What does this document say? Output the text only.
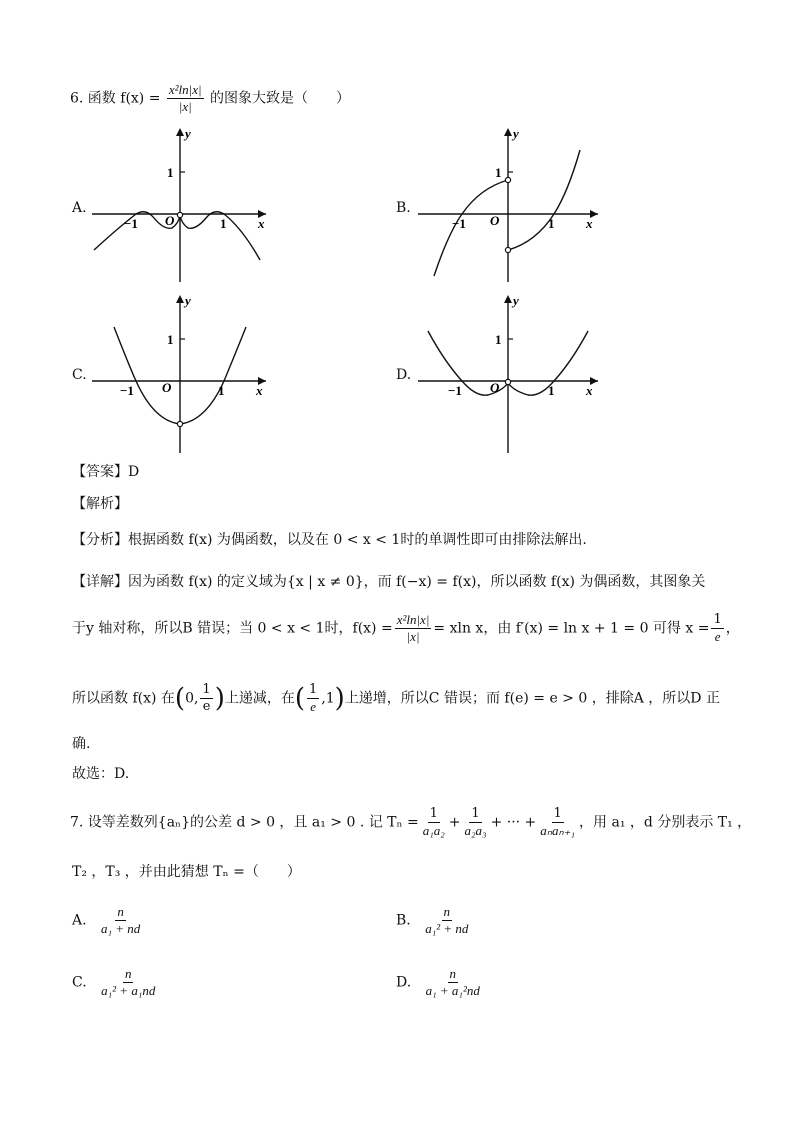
6. 函数 $f(x) = \frac{\text{x²ln|x|}}{|x|}$ 的图象大致是（　　）
A.
y
x
O
1
−1	1
B.
y
x
O
1
−1	1
C.
y
x
O
1
−1	1
D.
y
x
O
1
−1	1
【答案】D
【解析】
【分析】根据函数 f(x) 为偶函数，以及在 0 < x < 1时的单调性即可由排除法解出.
【详解】因为函数 f(x) 的定义域为{x | x ≠ 0}，而 f(−x) = f(x)，所以函数 f(x) 为偶函数，其图象关
于y 轴对称，所以B 错误；当 0 < x < 1时，$f(x) = \frac{\text{x²ln|x|}}{|x|} = xln$ x，由 f′(x) = ln x + 1 = 0 可得 $x = \frac{1}{e}$ ，
所以函数 f(x) 在(0, $\frac{1}{e}$ )上递减，在( $\frac{1}{e} ,1$)上递增，所以C 错误；而 f(e) = e > 0 ，排除A ，所以D 正
确.
故选：D.
7. 设等差数列{aₙ}的公差 d > 0 ，且 a₁ > 0 . 记 $T_n = \frac{1}{\text{a₁a₂}} + \frac{1}{\text{a₂a₃}}$ + ··· + $\frac{1}{\text{aₙaₙ₊₁}}$ ，用 a₁ ，d 分别表示 T₁ ，
T₂ ，T₃ ，并由此猜想 Tₙ =（　　）
A. $\frac{n}{\text{a₁ + nd}}$	B. $\frac{n}{\text{a₁² + nd}}$
C. $\frac{n}{\text{a₁² + a₁nd}}$	D. $\frac{n}{\text{a₁ + a₁²nd}}$
